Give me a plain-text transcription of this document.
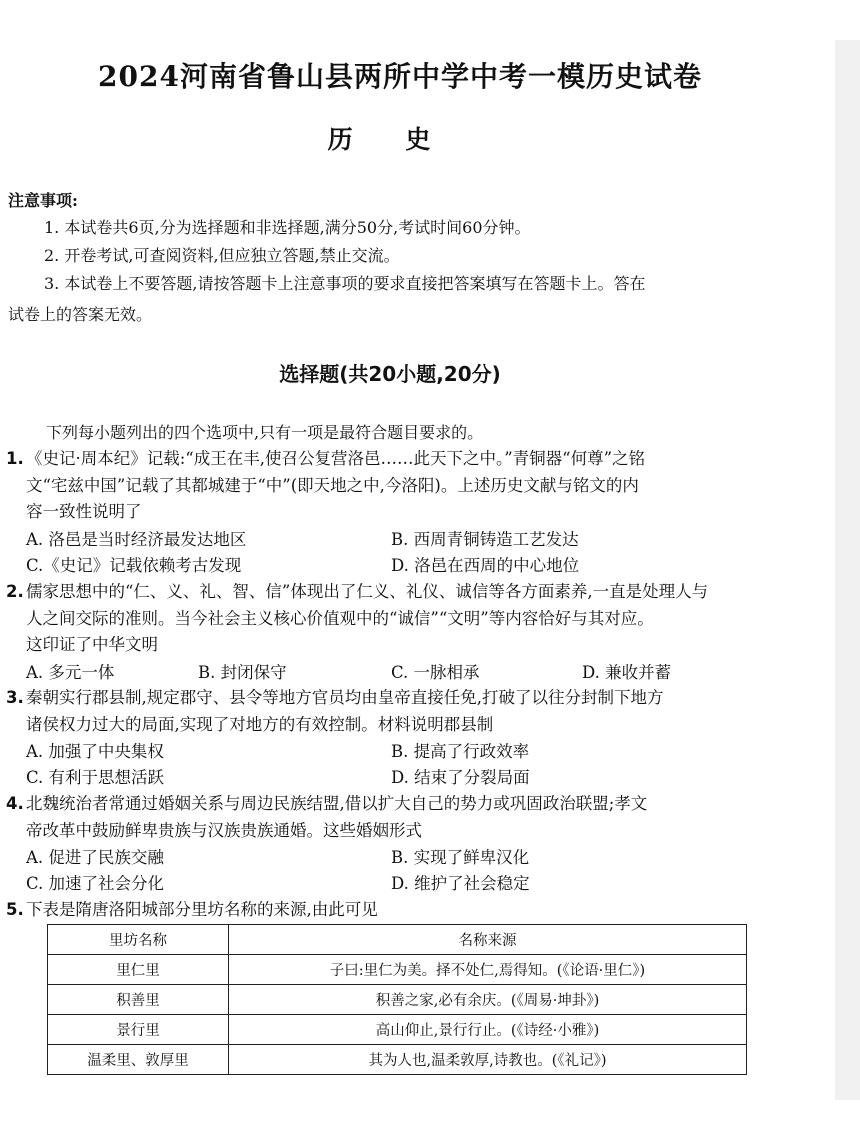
2024河南省鲁山县两所中学中考一模历史试卷
历 史
注意事项:
1. 本试卷共6页,分为选择题和非选择题,满分50分,考试时间60分钟。
2. 开卷考试,可查阅资料,但应独立答题,禁止交流。
3. 本试卷上不要答题,请按答题卡上注意事项的要求直接把答案填写在答题卡上。答在
试卷上的答案无效。
选择题(共20小题,20分)
下列每小题列出的四个选项中,只有一项是最符合题目要求的。
1. 《史记·周本纪》记载:“成王在丰,使召公复营洛邑……此天下之中。”青铜器“何尊”之铭
文“宅兹中国”记载了其都城建于“中”(即天地之中,今洛阳)。上述历史文献与铭文的内
容一致性说明了
A. 洛邑是当时经济最发达地区	B. 西周青铜铸造工艺发达
C.《史记》记载依赖考古发现	D. 洛邑在西周的中心地位
2. 儒家思想中的“仁、义、礼、智、信”体现出了仁义、礼仪、诚信等各方面素养,一直是处理人与
人之间交际的准则。当今社会主义核心价值观中的“诚信”“文明”等内容恰好与其对应。
这印证了中华文明
A. 多元一体	B. 封闭保守	C. 一脉相承	D. 兼收并蓄
3. 秦朝实行郡县制,规定郡守、县令等地方官员均由皇帝直接任免,打破了以往分封制下地方
诸侯权力过大的局面,实现了对地方的有效控制。材料说明郡县制
A. 加强了中央集权	B. 提高了行政效率
C. 有利于思想活跃	D. 结束了分裂局面
4. 北魏统治者常通过婚姻关系与周边民族结盟,借以扩大自己的势力或巩固政治联盟;孝文
帝改革中鼓励鲜卑贵族与汉族贵族通婚。这些婚姻形式
A. 促进了民族交融	B. 实现了鲜卑汉化
C. 加速了社会分化	D. 维护了社会稳定
5. 下表是隋唐洛阳城部分里坊名称的来源,由此可见
里坊名称	名称来源
里仁里	子曰:里仁为美。择不处仁,焉得知。(《论语·里仁》)
积善里	积善之家,必有余庆。(《周易·坤卦》)
景行里	高山仰止,景行行止。(《诗经·小雅》)
温柔里、敦厚里	其为人也,温柔敦厚,诗教也。(《礼记》)
